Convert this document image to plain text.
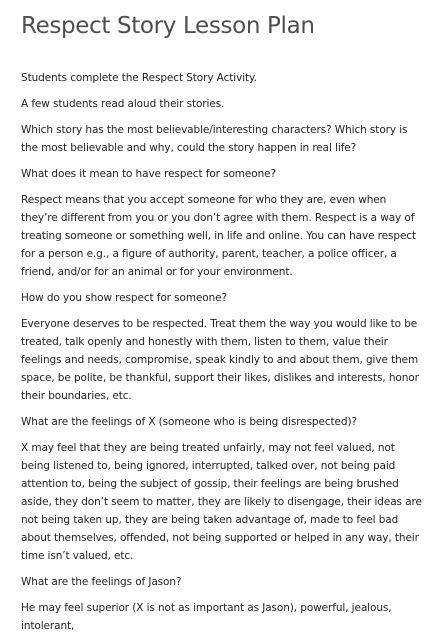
Respect Story Lesson Plan

Students complete the Respect Story Activity.

A few students read aloud their stories.

Which story has the most believable/interesting characters? Which story is the most believable and why, could the story happen in real life?

What does it mean to have respect for someone?

Respect means that you accept someone for who they are, even when they’re different from you or you don’t agree with them. Respect is a way of treating someone or something well, in life and online. You can have respect for a person e.g., a figure of authority, parent, teacher, a police officer, a friend, and/or for an animal or for your environment.

How do you show respect for someone?

Everyone deserves to be respected. Treat them the way you would like to be treated, talk openly and honestly with them, listen to them, value their feelings and needs, compromise, speak kindly to and about them, give them space, be polite, be thankful, support their likes, dislikes and interests, honor their boundaries, etc.

What are the feelings of X (someone who is being disrespected)?

X may feel that they are being treated unfairly, may not feel valued, not being listened to, being ignored, interrupted, talked over, not being paid attention to, being the subject of gossip, their feelings are being brushed aside, they don’t seem to matter, they are likely to disengage, their ideas are not being taken up, they are being taken advantage of, made to feel bad about themselves, offended, not being supported or helped in any way, their time isn’t valued, etc.

What are the feelings of Jason?

He may feel superior (X is not as important as Jason), powerful, jealous, intolerant,
